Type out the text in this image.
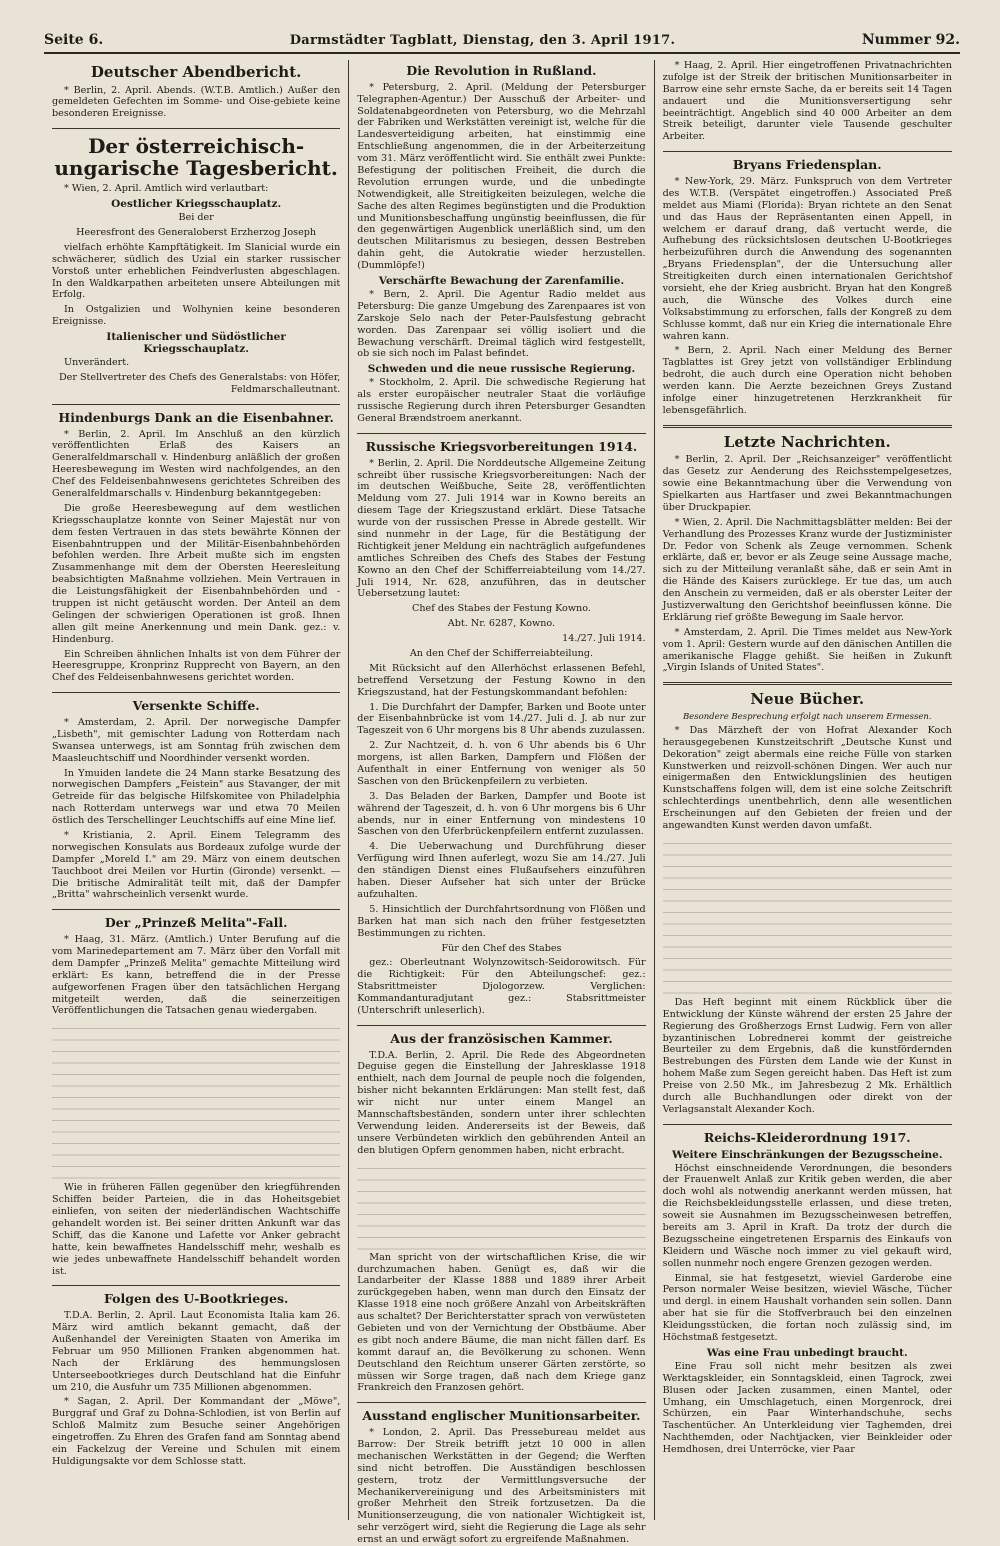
Seite 6.	Darmstädter Tagblatt, Dienstag, den 3. April 1917.	Nummer 92.
Deutscher Abendbericht.

* Berlin, 2. April. Abends. (W.T.B. Amtlich.) Außer den gemeldeten Gefechten im Somme- und Oise-gebiete keine besonderen Ereignisse.

Der österreichisch-ungarische Tagesbericht.

* Wien, 2. April. Amtlich wird verlautbart:

Oestlicher Kriegsschauplatz.

Bei der

Heeresfront des Generaloberst Erzherzog Joseph

vielfach erhöhte Kampftätigkeit. Im Slanicial wurde ein schwächerer, südlich des Uzial ein starker russischer Vorstoß unter erheblichen Feindverlusten abgeschlagen. In den Waldkarpathen arbeiteten unsere Abteilungen mit Erfolg.

In Ostgalizien und Wolhynien keine besonderen Ereignisse.

Italienischer und Südöstlicher Kriegsschauplatz.

Unverändert.

Der Stellvertreter des Chefs des Generalstabs: von Höfer, Feldmarschalleutnant.

Hindenburgs Dank an die Eisenbahner.

* Berlin, 2. April. Im Anschluß an den kürzlich veröffentlichten Erlaß des Kaisers an Generalfeldmarschall v. Hindenburg anläßlich der großen Heeresbewegung im Westen wird nachfolgendes, an den Chef des Feldeisenbahnwesens gerichtetes Schreiben des Generalfeldmarschalls v. Hindenburg bekanntgegeben:

Die große Heeresbewegung auf dem westlichen Kriegsschauplatze konnte von Seiner Majestät nur von dem festen Vertrauen in das stets bewährte Können der Eisenbahntruppen und der Militär-Eisenbahnbehörden befohlen werden. Ihre Arbeit mußte sich im engsten Zusammenhange mit dem der Obersten Heeresleitung beabsichtigten Maßnahme vollziehen. Mein Vertrauen in die Leistungsfähigkeit der Eisenbahnbehörden und -truppen ist nicht getäuscht worden. Der Anteil an dem Gelingen der schwierigen Operationen ist groß. Ihnen allen gilt meine Anerkennung und mein Dank. gez.: v. Hindenburg.

Ein Schreiben ähnlichen Inhalts ist von dem Führer der Heeresgruppe, Kronprinz Rupprecht von Bayern, an den Chef des Feldeisenbahnwesens gerichtet worden.

Versenkte Schiffe.

* Amsterdam, 2. April. Der norwegische Dampfer „Lisbeth", mit gemischter Ladung von Rotterdam nach Swansea unterwegs, ist am Sonntag früh zwischen dem Maasleuchtschiff und Noordhinder versenkt worden.

In Ymuiden landete die 24 Mann starke Besatzung des norwegischen Dampfers „Feistein" aus Stavanger, der mit Getreide für das belgische Hilfskomitee von Philadelphia nach Rotterdam unterwegs war und etwa 70 Meilen östlich des Terschellinger Leuchtschiffs auf eine Mine lief.

* Kristiania, 2. April. Einem Telegramm des norwegischen Konsulats aus Bordeaux zufolge wurde der Dampfer „Moreld I." am 29. März von einem deutschen Tauchboot drei Meilen vor Hurtin (Gironde) versenkt. — Die britische Admiralität teilt mit, daß der Dampfer „Britta" wahrscheinlich versenkt wurde.

Der „Prinzeß Melita"-Fall.

* Haag, 31. März. (Amtlich.) Unter Berufung auf die vom Marinedepartement am 7. März über den Vorfall mit dem Dampfer „Prinzeß Melita" gemachte Mitteilung wird erklärt: Es kann, betreffend die in der Presse aufgeworfenen Fragen über den tatsächlichen Hergang mitgeteilt werden, daß die seinerzeitigen Veröffentlichungen die Tatsachen genau wiedergaben.

Wie in früheren Fällen gegenüber den kriegführenden Schiffen beider Parteien, die in das Hoheitsgebiet einliefen, von seiten der niederländischen Wachtschiffe gehandelt worden ist. Bei seiner dritten Ankunft war das Schiff, das die Kanone und Lafette vor Anker gebracht hatte, kein bewaffnetes Handelsschiff mehr, weshalb es wie jedes unbewaffnete Handelsschiff behandelt worden ist.

Folgen des U-Bootkrieges.

T.D.A. Berlin, 2. April. Laut Economista Italia kam 26. März wird amtlich bekannt gemacht, daß der Außenhandel der Vereinigten Staaten von Amerika im Februar um 950 Millionen Franken abgenommen hat. Nach der Erklärung des hemmungslosen Unterseebootkrieges durch Deutschland hat die Einfuhr um 210, die Ausfuhr um 735 Millionen abgenommen.

* Sagan, 2. April. Der Kommandant der „Möwe", Burggraf und Graf zu Dohna-Schlodien, ist von Berlin auf Schloß Malmitz zum Besuche seiner Angehörigen eingetroffen. Zu Ehren des Grafen fand am Sonntag abend ein Fackelzug der Vereine und Schulen mit einem Huldigungsakte vor dem Schlosse statt.

Die Revolution in Rußland.

* Petersburg, 2. April. (Meldung der Petersburger Telegraphen-Agentur.) Der Ausschuß der Arbeiter- und Soldatenabgeordneten von Petersburg, wo die Mehrzahl der Fabriken und Werkstätten vereinigt ist, welche für die Landesverteidigung arbeiten, hat einstimmig eine Entschließung angenommen, die in der Arbeiterzeitung vom 31. März veröffentlicht wird. Sie enthält zwei Punkte: Befestigung der politischen Freiheit, die durch die Revolution errungen wurde, und die unbedingte Notwendigkeit, alle Streitigkeiten beizulegen, welche die Sache des alten Regimes begünstigten und die Produktion und Munitionsbeschaffung ungünstig beeinflussen, die für den gegenwärtigen Augenblick unerläßlich sind, um den deutschen Militarismus zu besiegen, dessen Bestreben dahin geht, die Autokratie wieder herzustellen. (Dummlöpfe!)

Verschärfte Bewachung der Zarenfamilie.

* Bern, 2. April. Die Agentur Radio meldet aus Petersburg: Die ganze Umgebung des Zarenpaares ist von Zarskoje Selo nach der Peter-Paulsfestung gebracht worden. Das Zarenpaar sei völlig isoliert und die Bewachung verschärft. Dreimal täglich wird festgestellt, ob sie sich noch im Palast befindet.

Schweden und die neue russische Regierung.

* Stockholm, 2. April. Die schwedische Regierung hat als erster europäischer neutraler Staat die vorläufige russische Regierung durch ihren Petersburger Gesandten General Brændstroem anerkannt.

Russische Kriegsvorbereitungen 1914.

* Berlin, 2. April. Die Norddeutsche Allgemeine Zeitung schreibt über russische Kriegsvorbereitungen: Nach der im deutschen Weißbuche, Seite 28, veröffentlichten Meldung vom 27. Juli 1914 war in Kowno bereits an diesem Tage der Kriegszustand erklärt. Diese Tatsache wurde von der russischen Presse in Abrede gestellt. Wir sind nunmehr in der Lage, für die Bestätigung der Richtigkeit jener Meldung ein nachträglich aufgefundenes amtliches Schreiben des Chefs des Stabes der Festung Kowno an den Chef der Schifferreiabteilung vom 14./27. Juli 1914, Nr. 628, anzuführen, das in deutscher Uebersetzung lautet:

Chef des Stabes der Festung Kowno.

Abt. Nr. 6287, Kowno.

14./27. Juli 1914.

An den Chef der Schifferreiabteilung.

Mit Rücksicht auf den Allerhöchst erlassenen Befehl, betreffend Versetzung der Festung Kowno in den Kriegszustand, hat der Festungskommandant befohlen:

1. Die Durchfahrt der Dampfer, Barken und Boote unter der Eisenbahnbrücke ist vom 14./27. Juli d. J. ab nur zur Tageszeit von 6 Uhr morgens bis 8 Uhr abends zuzulassen.

2. Zur Nachtzeit, d. h. von 6 Uhr abends bis 6 Uhr morgens, ist allen Barken, Dampfern und Flößen der Aufenthalt in einer Entfernung von weniger als 50 Saschen von den Brückenpfeilern zu verbieten.

3. Das Beladen der Barken, Dampfer und Boote ist während der Tageszeit, d. h. von 6 Uhr morgens bis 6 Uhr abends, nur in einer Entfernung von mindestens 10 Saschen von den Uferbrückenpfeilern entfernt zuzulassen.

4. Die Ueberwachung und Durchführung dieser Verfügung wird Ihnen auferlegt, wozu Sie am 14./27. Juli den ständigen Dienst eines Flußaufsehers einzuführen haben. Dieser Aufseher hat sich unter der Brücke aufzuhalten.

5. Hinsichtlich der Durchfahrtsordnung von Flößen und Barken hat man sich nach den früher festgesetzten Bestimmungen zu richten.

Für den Chef des Stabes

gez.: Oberleutnant Wolynzowitsch-Seidorowitsch. Für die Richtigkeit: Für den Abteilungschef: gez.: Stabsrittmeister Djologorzew. Verglichen: Kommandanturadjutant gez.: Stabsrittmeister (Unterschrift unleserlich).

Aus der französischen Kammer.

T.D.A. Berlin, 2. April. Die Rede des Abgeordneten Deguise gegen die Einstellung der Jahresklasse 1918 enthielt, nach dem Journal de peuple noch die folgenden, bisher nicht bekannten Erklärungen: Man stellt fest, daß wir nicht nur unter einem Mangel an Mannschaftsbeständen, sondern unter ihrer schlechten Verwendung leiden. Andererseits ist der Beweis, daß unsere Verbündeten wirklich den gebührenden Anteil an den blutigen Opfern genommen haben, nicht erbracht.

Man spricht von der wirtschaftlichen Krise, die wir durchzumachen haben. Genügt es, daß wir die Landarbeiter der Klasse 1888 und 1889 ihrer Arbeit zurückgegeben haben, wenn man durch den Einsatz der Klasse 1918 eine noch größere Anzahl von Arbeitskräften aus schaltet? Der Berichterstatter sprach von verwüsteten Gebieten und von der Vernichtung der Obstbäume. Aber es gibt noch andere Bäume, die man nicht fällen darf. Es kommt darauf an, die Bevölkerung zu schonen. Wenn Deutschland den Reichtum unserer Gärten zerstörte, so müssen wir Sorge tragen, daß nach dem Kriege ganz Frankreich den Franzosen gehört.

Ausstand englischer Munitionsarbeiter.

* London, 2. April. Das Pressebureau meldet aus Barrow: Der Streik betrifft jetzt 10 000 in allen mechanischen Werkstätten in der Gegend; die Werften sind nicht betroffen. Die Ausständigen beschlossen gestern, trotz der Vermittlungsversuche der Mechanikervereinigung und des Arbeitsministers mit großer Mehrheit den Streik fortzusetzen. Da die Munitionserzeugung, die von nationaler Wichtigkeit ist, sehr verzögert wird, sieht die Regierung die Lage als sehr ernst an und erwägt sofort zu ergreifende Maßnahmen.

* Haag, 2. April. Hier eingetroffenen Privatnachrichten zufolge ist der Streik der britischen Munitionsarbeiter in Barrow eine sehr ernste Sache, da er bereits seit 14 Tagen andauert und die Munitionsversertigung sehr beeinträchtigt. Angeblich sind 40 000 Arbeiter an dem Streik beteiligt, darunter viele Tausende geschulter Arbeiter.

Bryans Friedensplan.

* New-York, 29. März. Funkspruch von dem Vertreter des W.T.B. (Verspätet eingetroffen.) Associated Preß meldet aus Miami (Florida): Bryan richtete an den Senat und das Haus der Repräsentanten einen Appell, in welchem er darauf drang, daß vertucht werde, die Aufhebung des rücksichtslosen deutschen U-Bootkrieges herbeizuführen durch die Anwendung des sogenannten „Bryans Friedensplan", der die Untersuchung aller Streitigkeiten durch einen internationalen Gerichtshof vorsieht, ehe der Krieg ausbricht. Bryan hat den Kongreß auch, die Wünsche des Volkes durch eine Volksabstimmung zu erforschen, falls der Kongreß zu dem Schlusse kommt, daß nur ein Krieg die internationale Ehre wahren kann.

* Bern, 2. April. Nach einer Meldung des Berner Tagblattes ist Grey jetzt von vollständiger Erblindung bedroht, die auch durch eine Operation nicht behoben werden kann. Die Aerzte bezeichnen Greys Zustand infolge einer hinzugetretenen Herzkrankheit für lebensgefährlich.

Letzte Nachrichten.

* Berlin, 2. April. Der „Reichsanzeiger" veröffentlicht das Gesetz zur Aenderung des Reichsstempelgesetzes, sowie eine Bekanntmachung über die Verwendung von Spielkarten aus Hartfaser und zwei Bekanntmachungen über Druckpapier.

* Wien, 2. April. Die Nachmittagsblätter melden: Bei der Verhandlung des Prozesses Kranz wurde der Justizminister Dr. Fedor von Schenk als Zeuge vernommen. Schenk erklärte, daß er, bevor er als Zeuge seine Aussage mache, sich zu der Mitteilung veranlaßt sähe, daß er sein Amt in die Hände des Kaisers zurücklege. Er tue das, um auch den Anschein zu vermeiden, daß er als oberster Leiter der Justizverwaltung den Gerichtshof beeinflussen könne. Die Erklärung rief größte Bewegung im Saale hervor.

* Amsterdam, 2. April. Die Times meldet aus New-York vom 1. April: Gestern wurde auf den dänischen Antillen die amerikanische Flagge gehißt. Sie heißen in Zukunft „Virgin Islands of United States".

Neue Bücher.
Besondere Besprechung erfolgt nach unserem Ermessen.

* Das Märzheft der von Hofrat Alexander Koch herausgegebenen Kunstzeitschrift „Deutsche Kunst und Dekoration" zeigt abermals eine reiche Fülle von starken Kunstwerken und reizvoll-schönen Dingen. Wer auch nur einigermaßen den Entwicklungslinien des heutigen Kunstschaffens folgen will, dem ist eine solche Zeitschrift schlechterdings unentbehrlich, denn alle wesentlichen Erscheinungen auf den Gebieten der freien und der angewandten Kunst werden davon umfaßt.

Das Heft beginnt mit einem Rückblick über die Entwicklung der Künste während der ersten 25 Jahre der Regierung des Großherzogs Ernst Ludwig. Fern von aller byzantinischen Lobrednerei kommt der geistreiche Beurteiler zu dem Ergebnis, daß die kunstfördernden Bestrebungen des Fürsten dem Lande wie der Kunst in hohem Maße zum Segen gereicht haben. Das Heft ist zum Preise von 2.50 Mk., im Jahresbezug 2 Mk. Erhältlich durch alle Buchhandlungen oder direkt von der Verlagsanstalt Alexander Koch.

Reichs-Kleiderordnung 1917.
Weitere Einschränkungen der Bezugsscheine.

Höchst einschneidende Verordnungen, die besonders der Frauenwelt Anlaß zur Kritik geben werden, die aber doch wohl als notwendig anerkannt werden müssen, hat die Reichsbekleidungsstelle erlassen, und diese treten, soweit sie Ausnahmen im Bezugsscheinwesen betreffen, bereits am 3. April in Kraft. Da trotz der durch die Bezugsscheine eingetretenen Ersparnis des Einkaufs von Kleidern und Wäsche noch immer zu viel gekauft wird, sollen nunmehr noch engere Grenzen gezogen werden.

Einmal, sie hat festgesetzt, wieviel Garderobe eine Person normaler Weise besitzen, wieviel Wäsche, Tücher und dergl. in einem Haushalt vorhanden sein sollen. Dann aber hat sie für die Stoffverbrauch bei den einzelnen Kleidungsstücken, die fortan noch zulässig sind, im Höchstmaß festgesetzt.

Was eine Frau unbedingt braucht.

Eine Frau soll nicht mehr besitzen als zwei Werktagskleider, ein Sonntagskleid, einen Tagrock, zwei Blusen oder Jacken zusammen, einen Mantel, oder Umhang, ein Umschlagetuch, einen Morgenrock, drei Schürzen, ein Paar Winterhandschuhe, sechs Taschentücher. An Unterkleidung vier Taghemden, drei Nachthemden, oder Nachtjacken, vier Beinkleider oder Hemdhosen, drei Unterröcke, vier Paar
